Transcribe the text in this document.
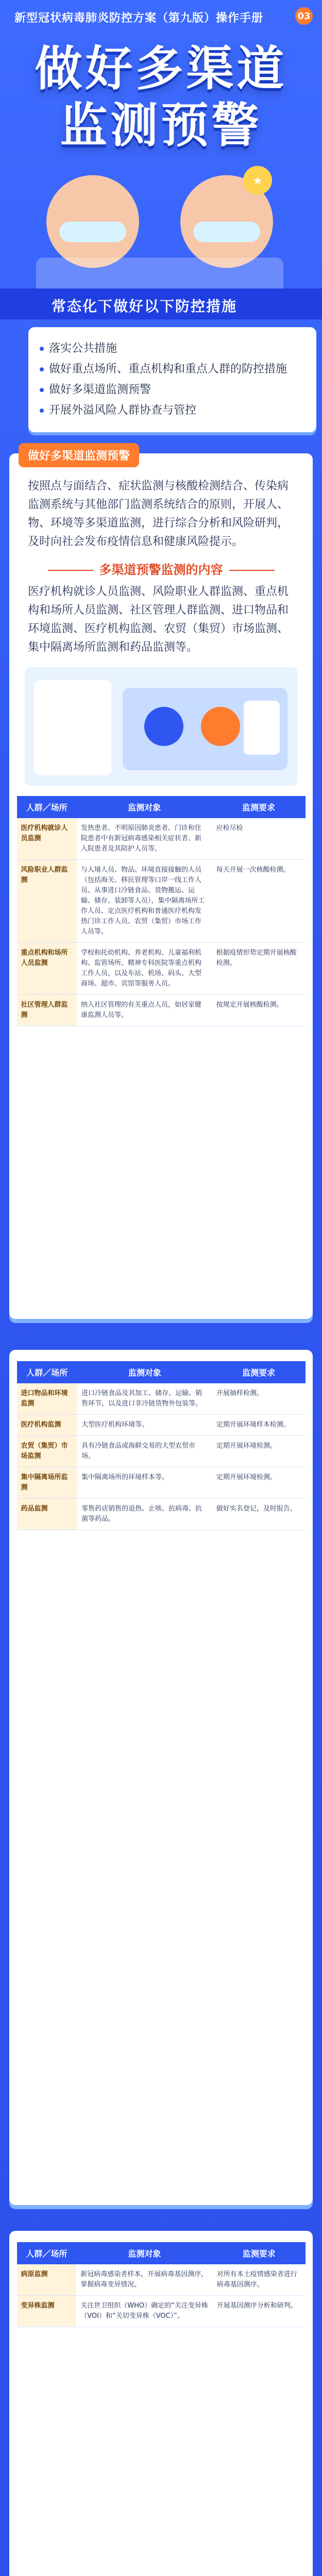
新型冠状病毒肺炎防控方案（第九版）操作手册	03
做好多渠道
监测预警
★
常态化下做好以下防控措施
落实公共措施
做好重点场所、重点机构和重点人群的防控措施
做好多渠道监测预警
开展外溢风险人群协查与管控
做好多渠道监测预警
按照点与面结合、症状监测与核酸检测结合、传染病监测系统与其他部门监测系统结合的原则，开展人、物、环境等多渠道监测，进行综合分析和风险研判，及时向社会发布疫情信息和健康风险提示。
多渠道预警监测的内容
医疗机构就诊人员监测、风险职业人群监测、重点机构和场所人员监测、社区管理人群监测、进口物品和环境监测、医疗机构监测、农贸（集贸）市场监测、集中隔离场所监测和药品监测等。
人群／场所	监测对象	监测要求
医疗机构就诊人员监测	发热患者、不明原因肺炎患者、门诊和住院患者中有新冠病毒感染相关症状者、新入院患者及其陪护人员等。	应检尽检
风险职业人群监测	与入境人员、物品、环境直接接触的人员（包括海关、移民管理等口岸一线工作人员、从事进口冷链食品、货物搬运、运输、储存、装卸等人员），集中隔离场所工作人员、定点医疗机构和普通医疗机构发热门诊工作人员、农贸（集贸）市场工作人员等。	每天开展一次核酸检测。
重点机构和场所人员监测	学校和托幼机构、养老机构、儿童福利机构、监管场所、精神专科医院等重点机构工作人员，以及车站、机场、码头、大型商场、超市、宾馆等服务人员。	根据疫情形势定期开展核酸检测。
社区管理人群监测	纳入社区管理的有关重点人员，如居家健康监测人员等。	按规定开展核酸检测。
人群／场所	监测对象	监测要求
进口物品和环境监测	进口冷链食品及其加工、储存、运输、销售环节，以及进口非冷链货物外包装等。	开展抽样检测。
医疗机构监测	大型医疗机构环境等。	定期开展环境样本检测。
农贸（集贸）市场监测	具有冷链食品或海鲜交易的大型农贸市场。	定期开展环境检测。
集中隔离场所监测	集中隔离场所的环境样本等。	定期开展环境检测。
药品监测	零售药店销售的退热、止咳、抗病毒、抗菌等药品。	做好实名登记，及时报告。
人群／场所	监测对象	监测要求
病原监测	新冠病毒感染者样本，开展病毒基因测序，掌握病毒变异情况。	对所有本土疫情感染者进行病毒基因测序。
变异株监测	关注世卫组织（WHO）确定的“关注变异株（VOI）和“关切变异株（VOC）”。	开展基因测序分析和研判。
